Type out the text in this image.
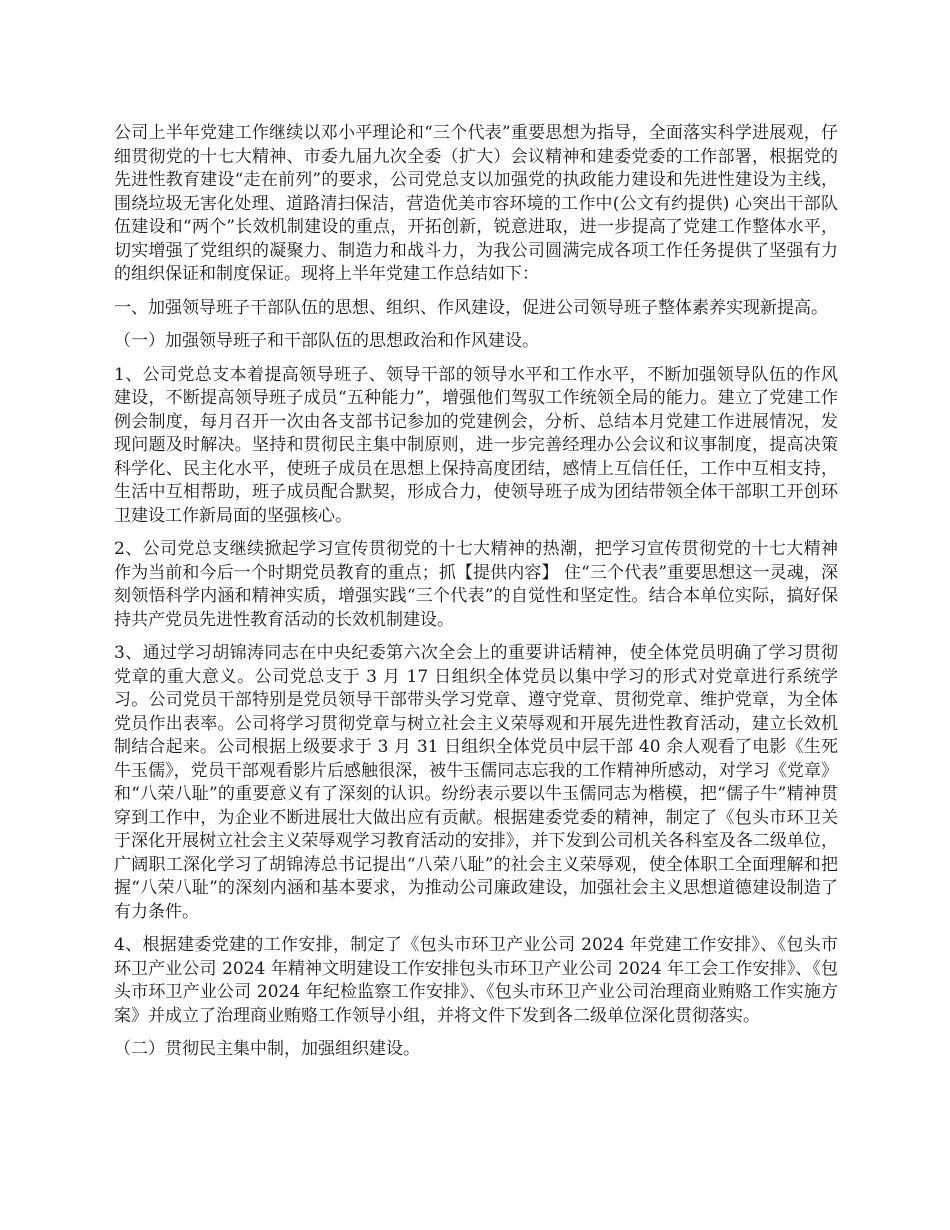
公司上半年党建工作继续以邓小平理论和“三个代表”重要思想为指导，全面落实科学进展观，仔细贯彻党的十七大精神、市委九届九次全委（扩大）会议精神和建委党委的工作部署，根据党的先进性教育建设“走在前列”的要求，公司党总支以加强党的执政能力建设和先进性建设为主线，围绕垃圾无害化处理、道路清扫保洁，营造优美市容环境的工作中(公文有约提供) 心突出干部队伍建设和“两个”长效机制建设的重点，开拓创新，锐意进取，进一步提高了党建工作整体水平，切实增强了党组织的凝聚力、制造力和战斗力，为我公司圆满完成各项工作任务提供了坚强有力的组织保证和制度保证。现将上半年党建工作总结如下：

一、加强领导班子干部队伍的思想、组织、作风建设，促进公司领导班子整体素养实现新提高。

（一）加强领导班子和干部队伍的思想政治和作风建设。

1、公司党总支本着提高领导班子、领导干部的领导水平和工作水平，不断加强领导队伍的作风建设，不断提高领导班子成员“五种能力”，增强他们驾驭工作统领全局的能力。建立了党建工作例会制度，每月召开一次由各支部书记参加的党建例会，分析、总结本月党建工作进展情况，发现问题及时解决。坚持和贯彻民主集中制原则，进一步完善经理办公会议和议事制度，提高决策科学化、民主化水平，使班子成员在思想上保持高度团结，感情上互信任任，工作中互相支持，生活中互相帮助，班子成员配合默契，形成合力，使领导班子成为团结带领全体干部职工开创环卫建设工作新局面的坚强核心。

2、公司党总支继续掀起学习宣传贯彻党的十七大精神的热潮，把学习宣传贯彻党的十七大精神作为当前和今后一个时期党员教育的重点；抓【提供内容】 住“三个代表”重要思想这一灵魂，深刻领悟科学内涵和精神实质，增强实践“三个代表”的自觉性和坚定性。结合本单位实际，搞好保持共产党员先进性教育活动的长效机制建设。

3、通过学习胡锦涛同志在中央纪委第六次全会上的重要讲话精神，使全体党员明确了学习贯彻党章的重大意义。公司党总支于 3 月 17 日组织全体党员以集中学习的形式对党章进行系统学习。公司党员干部特别是党员领导干部带头学习党章、遵守党章、贯彻党章、维护党章，为全体党员作出表率。公司将学习贯彻党章与树立社会主义荣辱观和开展先进性教育活动，建立长效机制结合起来。公司根据上级要求于 3 月 31 日组织全体党员中层干部 40 余人观看了电影《生死牛玉儒》，党员干部观看影片后感触很深，被牛玉儒同志忘我的工作精神所感动，对学习《党章》和“八荣八耻”的重要意义有了深刻的认识。纷纷表示要以牛玉儒同志为楷模，把“儒子牛”精神贯穿到工作中，为企业不断进展壮大做出应有贡献。根据建委党委的精神，制定了《包头市环卫关于深化开展树立社会主义荣辱观学习教育活动的安排》，并下发到公司机关各科室及各二级单位，广阔职工深化学习了胡锦涛总书记提出“八荣八耻”的社会主义荣辱观，使全体职工全面理解和把握“八荣八耻”的深刻内涵和基本要求，为推动公司廉政建设，加强社会主义思想道德建设制造了有力条件。

4、根据建委党建的工作安排，制定了《包头市环卫产业公司 2024 年党建工作安排》、《包头市环卫产业公司 2024 年精神文明建设工作安排包头市环卫产业公司 2024 年工会工作安排》、《包头市环卫产业公司 2024 年纪检监察工作安排》、《包头市环卫产业公司治理商业贿赂工作实施方案》并成立了治理商业贿赂工作领导小组，并将文件下发到各二级单位深化贯彻落实。

（二）贯彻民主集中制，加强组织建设。
